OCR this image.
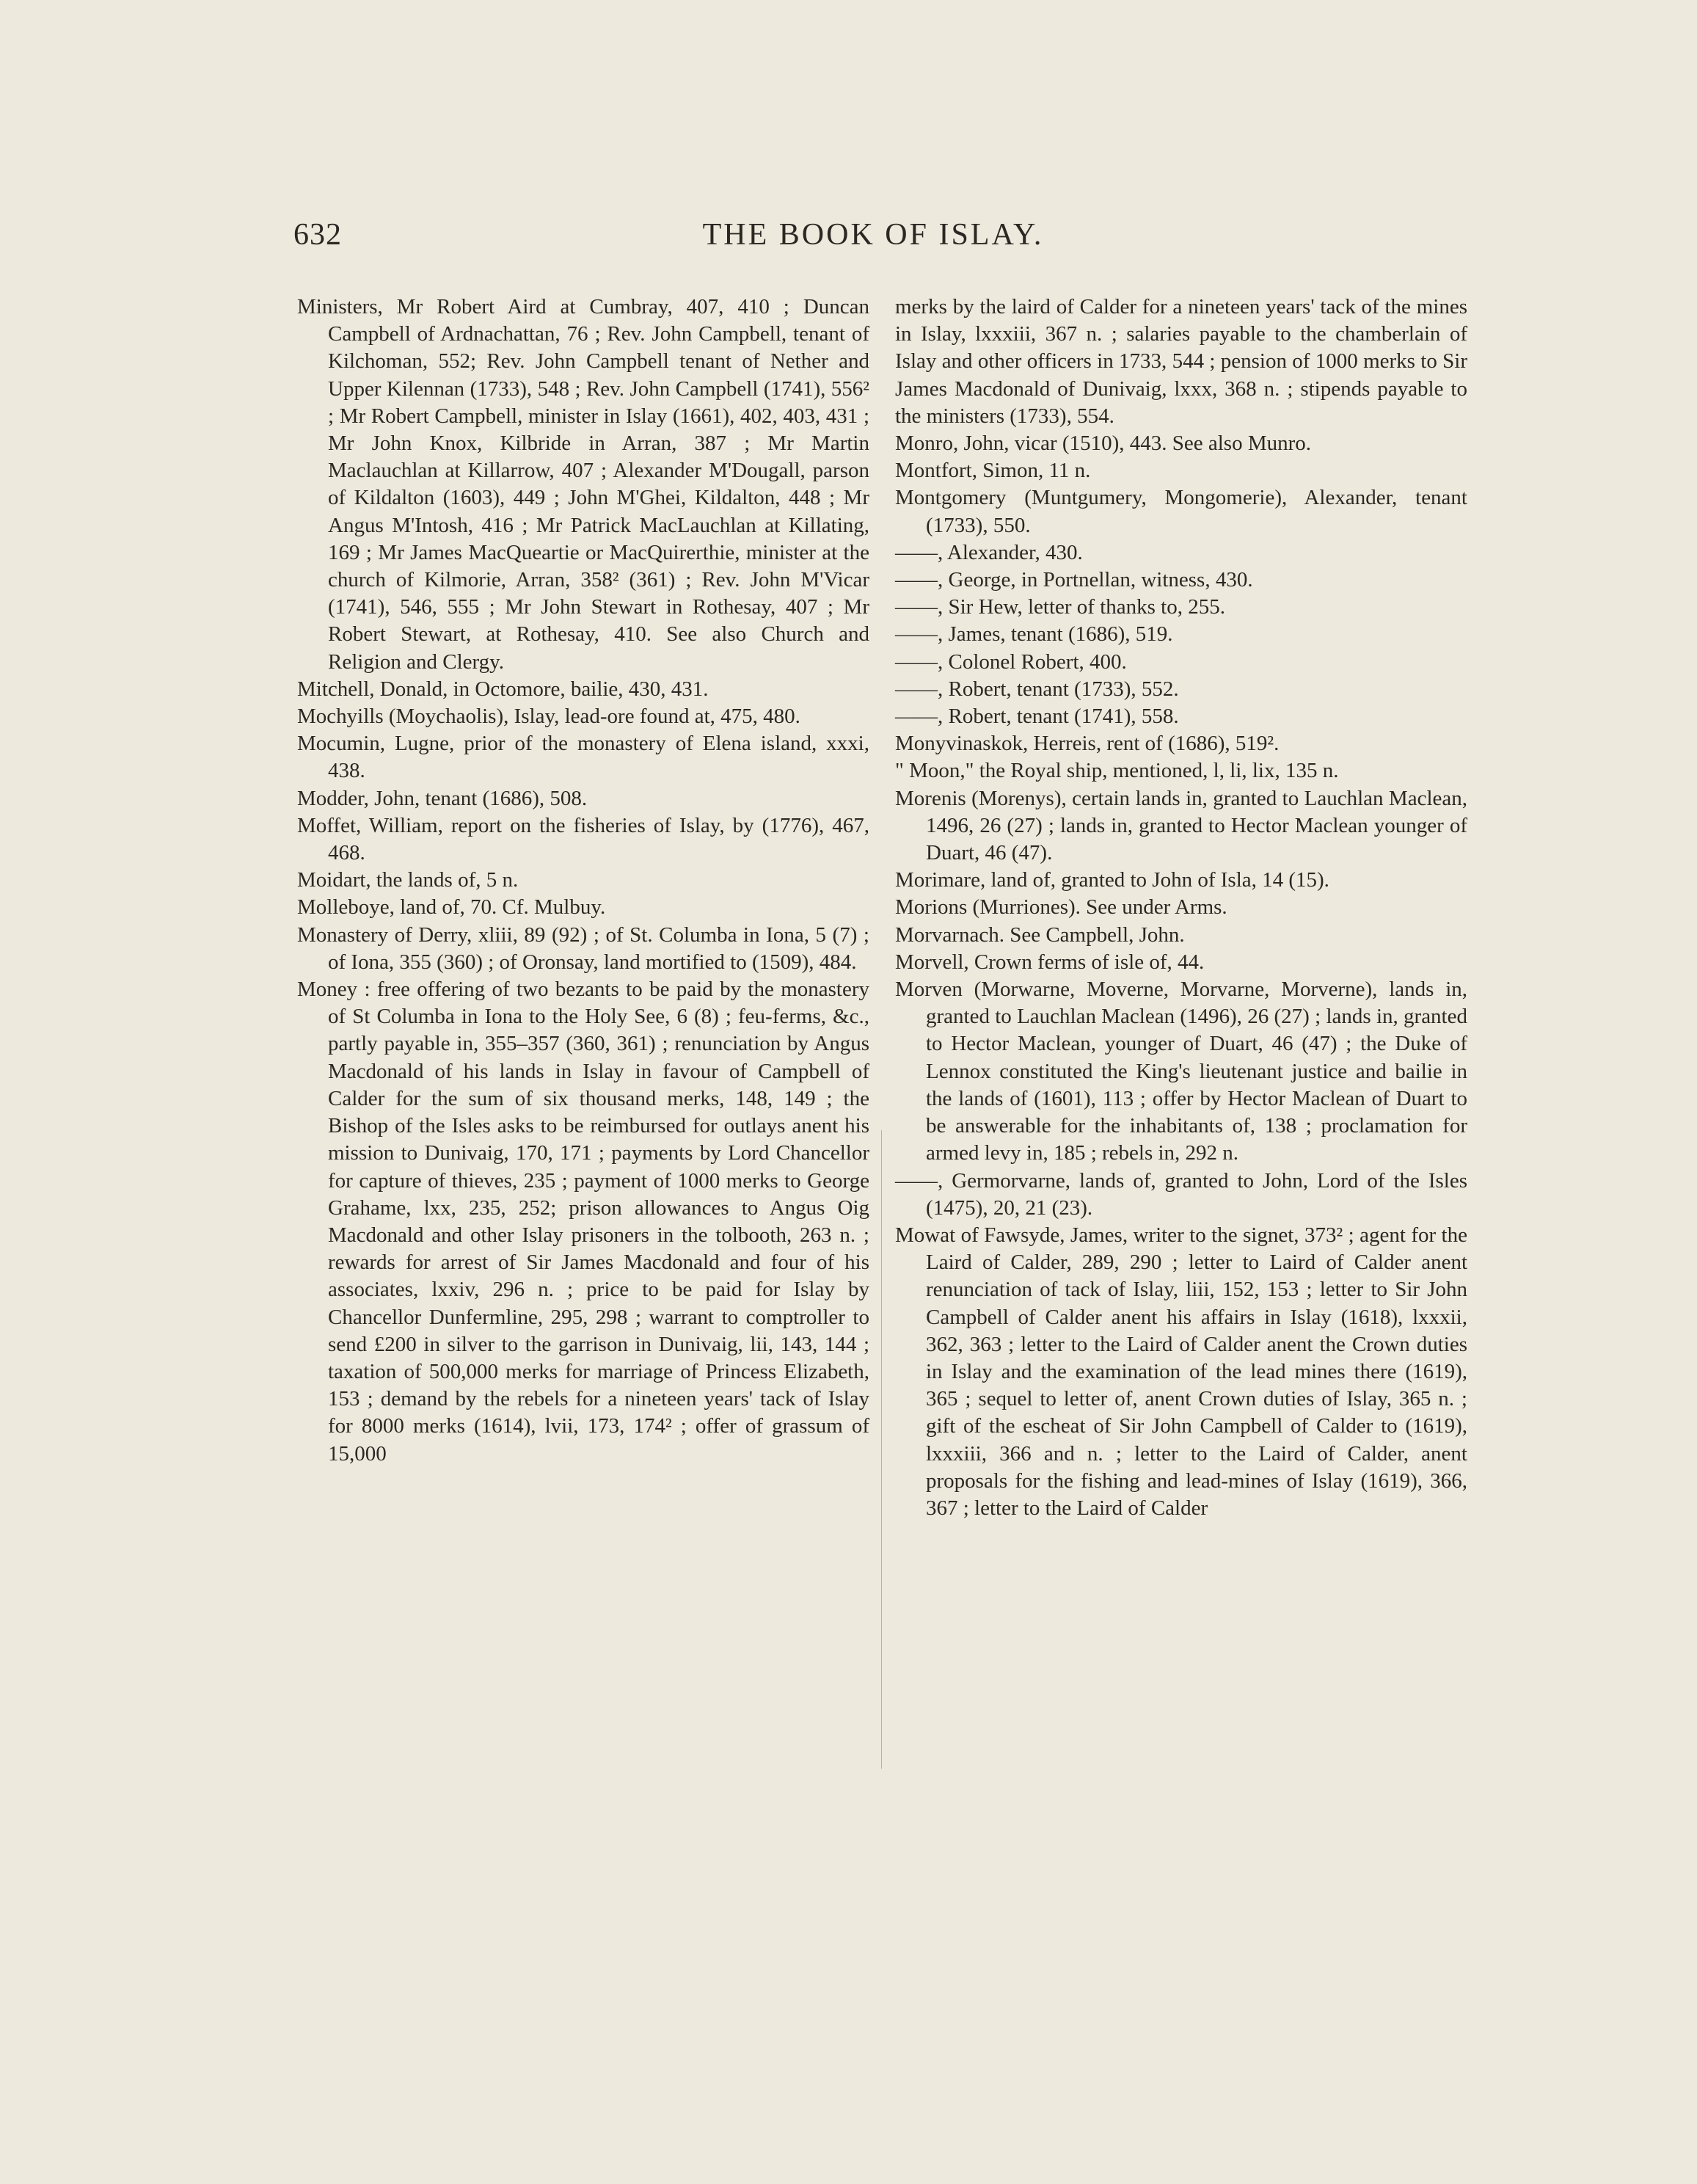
632	THE BOOK OF ISLAY.

Ministers, Mr Robert Aird at Cumbray, 407, 410 ; Duncan Campbell of Ardnachattan, 76 ; Rev. John Campbell, tenant of Kilchoman, 552; Rev. John Campbell tenant of Nether and Upper Kilennan (1733), 548 ; Rev. John Campbell (1741), 556² ; Mr Robert Campbell, minister in Islay (1661), 402, 403, 431 ; Mr John Knox, Kilbride in Arran, 387 ; Mr Martin Maclauchlan at Killarrow, 407 ; Alexander M'Dougall, parson of Kildalton (1603), 449 ; John M'Ghei, Kildalton, 448 ; Mr Angus M'Intosh, 416 ; Mr Patrick MacLauchlan at Killating, 169 ; Mr James MacQueartie or MacQuirerthie, minister at the church of Kilmorie, Arran, 358² (361) ; Rev. John M'Vicar (1741), 546, 555 ; Mr John Stewart in Rothesay, 407 ; Mr Robert Stewart, at Rothesay, 410. See also Church and Religion and Clergy.

Mitchell, Donald, in Octomore, bailie, 430, 431.

Mochyills (Moychaolis), Islay, lead-ore found at, 475, 480.

Mocumin, Lugne, prior of the monastery of Elena island, xxxi, 438.

Modder, John, tenant (1686), 508.

Moffet, William, report on the fisheries of Islay, by (1776), 467, 468.

Moidart, the lands of, 5 n.

Molleboye, land of, 70. Cf. Mulbuy.

Monastery of Derry, xliii, 89 (92) ; of St. Columba in Iona, 5 (7) ; of Iona, 355 (360) ; of Oronsay, land mortified to (1509), 484.

Money : free offering of two bezants to be paid by the monastery of St Columba in Iona to the Holy See, 6 (8) ; feu-ferms, &c., partly payable in, 355–357 (360, 361) ; renunciation by Angus Macdonald of his lands in Islay in favour of Campbell of Calder for the sum of six thousand merks, 148, 149 ; the Bishop of the Isles asks to be reimbursed for outlays anent his mission to Dunivaig, 170, 171 ; payments by Lord Chancellor for capture of thieves, 235 ; payment of 1000 merks to George Grahame, lxx, 235, 252; prison allowances to Angus Oig Macdonald and other Islay prisoners in the tolbooth, 263 n. ; rewards for arrest of Sir James Macdonald and four of his associates, lxxiv, 296 n. ; price to be paid for Islay by Chancellor Dunfermline, 295, 298 ; warrant to comptroller to send £200 in silver to the garrison in Dunivaig, lii, 143, 144 ; taxation of 500,000 merks for marriage of Princess Elizabeth, 153 ; demand by the rebels for a nineteen years' tack of Islay for 8000 merks (1614), lvii, 173, 174² ; offer of grassum of 15,000

merks by the laird of Calder for a nineteen years' tack of the mines in Islay, lxxxiii, 367 n. ; salaries payable to the chamberlain of Islay and other officers in 1733, 544 ; pension of 1000 merks to Sir James Macdonald of Dunivaig, lxxx, 368 n. ; stipends payable to the ministers (1733), 554.

Monro, John, vicar (1510), 443. See also Munro.

Montfort, Simon, 11 n.

Montgomery (Muntgumery, Mongomerie), Alexander, tenant (1733), 550.

——, Alexander, 430.

——, George, in Portnellan, witness, 430.

——, Sir Hew, letter of thanks to, 255.

——, James, tenant (1686), 519.

——, Colonel Robert, 400.

——, Robert, tenant (1733), 552.

——, Robert, tenant (1741), 558.

Monyvinaskok, Herreis, rent of (1686), 519².

" Moon," the Royal ship, mentioned, l, li, lix, 135 n.

Morenis (Morenys), certain lands in, granted to Lauchlan Maclean, 1496, 26 (27) ; lands in, granted to Hector Maclean younger of Duart, 46 (47).

Morimare, land of, granted to John of Isla, 14 (15).

Morions (Murriones). See under Arms.

Morvarnach. See Campbell, John.

Morvell, Crown ferms of isle of, 44.

Morven (Morwarne, Moverne, Morvarne, Morverne), lands in, granted to Lauchlan Maclean (1496), 26 (27) ; lands in, granted to Hector Maclean, younger of Duart, 46 (47) ; the Duke of Lennox constituted the King's lieutenant justice and bailie in the lands of (1601), 113 ; offer by Hector Maclean of Duart to be answerable for the inhabitants of, 138 ; proclamation for armed levy in, 185 ; rebels in, 292 n.

——, Germorvarne, lands of, granted to John, Lord of the Isles (1475), 20, 21 (23).

Mowat of Fawsyde, James, writer to the signet, 373² ; agent for the Laird of Calder, 289, 290 ; letter to Laird of Calder anent renunciation of tack of Islay, liii, 152, 153 ; letter to Sir John Campbell of Calder anent his affairs in Islay (1618), lxxxii, 362, 363 ; letter to the Laird of Calder anent the Crown duties in Islay and the examination of the lead mines there (1619), 365 ; sequel to letter of, anent Crown duties of Islay, 365 n. ; gift of the escheat of Sir John Campbell of Calder to (1619), lxxxiii, 366 and n. ; letter to the Laird of Calder, anent proposals for the fishing and lead-mines of Islay (1619), 366, 367 ; letter to the Laird of Calder
